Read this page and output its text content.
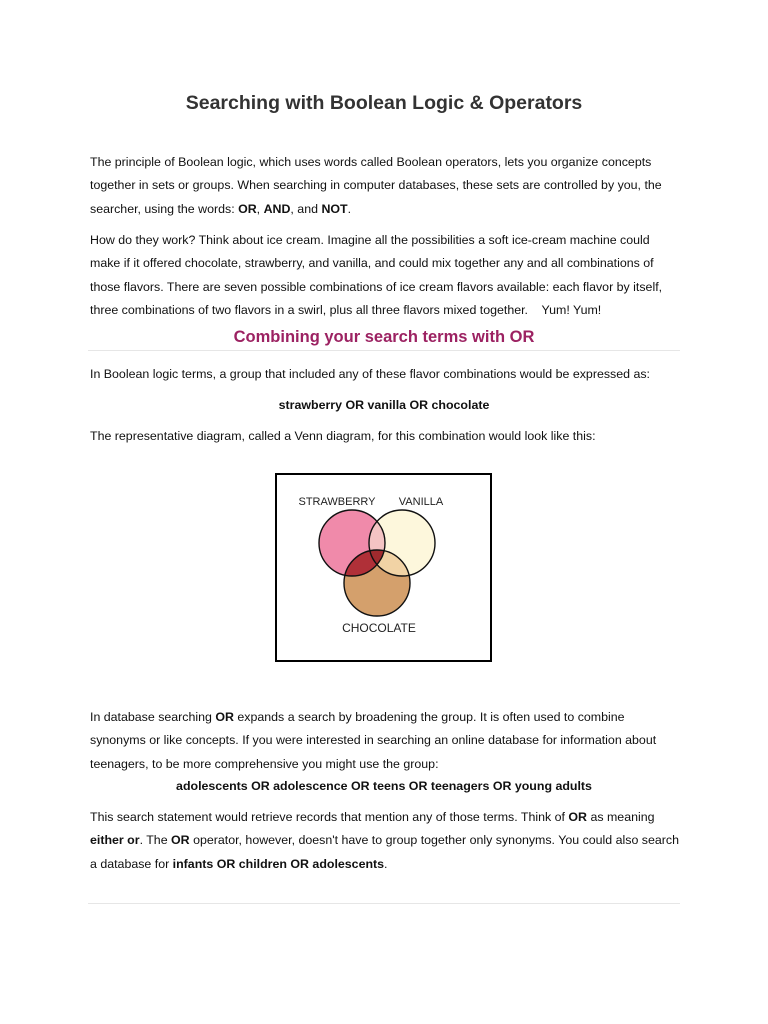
Searching with Boolean Logic & Operators

The principle of Boolean logic, which uses words called Boolean operators, lets you organize concepts together in sets or groups. When searching in computer databases, these sets are controlled by you, the searcher, using the words: OR, AND, and NOT.

How do they work? Think about ice cream. Imagine all the possibilities a soft ice-cream machine could make if it offered chocolate, strawberry, and vanilla, and could mix together any and all combinations of those flavors. There are seven possible combinations of ice cream flavors available: each flavor by itself, three combinations of two flavors in a swirl, plus all three flavors mixed together.    Yum! Yum!

Combining your search terms with OR

In Boolean logic terms, a group that included any of these flavor combinations would be expressed as:

strawberry OR vanilla OR chocolate

The representative diagram, called a Venn diagram, for this combination would look like this:

STRAWBERRY VANILLA
CHOCOLATE

In database searching OR expands a search by broadening the group. It is often used to combine synonyms or like concepts. If you were interested in searching an online database for information about teenagers, to be more comprehensive you might use the group:

adolescents OR adolescence OR teens OR teenagers OR young adults

This search statement would retrieve records that mention any of those terms. Think of OR as meaning either or. The OR operator, however, doesn't have to group together only synonyms. You could also search a database for infants OR children OR adolescents.
